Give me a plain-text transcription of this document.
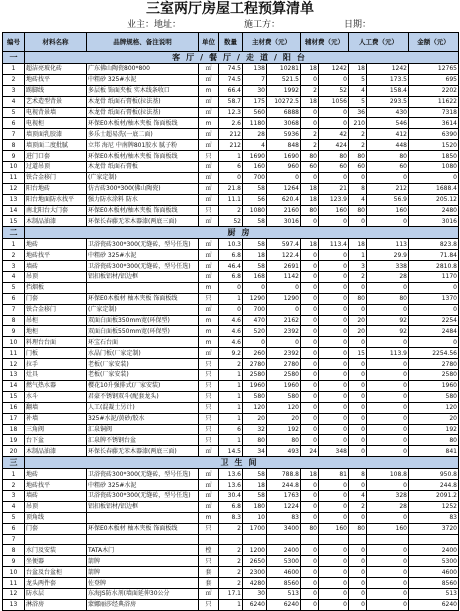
三室两厅房屋工程预算清单
业主： 地址：	施工方：	日期：
编号	材料名称	品牌规格、备注说明	单位	数量	主材费（元）		辅材费（元）		人工费（元）		金额（元）
一	客厅/餐厅/走道/阳台										
1	超洁亮玻化砖	广东佛山陶瓷800*800	㎡	74.5	138	10281	18	1242	18	1242	12765
2	地砖找平	中粗砂 325#水泥	㎡	74.5	7	521.5	0	0	5	173.5	695
3	踢脚线	多层板 饰面夹板 实木线条收口	m	66.4	30	1992	2	52	4	158.4	2202
4	艺术造型背景	木龙骨 纸面石膏板(拉法基)	㎡	58.7	175	10272.5	18	1056	5	293.5	11622
5	电视背景墙	木龙骨 纸面石膏板(拉法基)	㎡	12.3	560	6888	0	0	36	430	7318
6	电视柜	环保E0木板材/柚木夹板 饰面板线	m	2.6	1180	3068	0	0	210	546	3614
7	墙顶面乳胶漆	多乐士超易洗(一底二面)	㎡	212	28	5936	2	42	2	412	6390
8	墙顶面二度批腻	立邦 海尼 中南牌801胶水 腻子粉	㎡	212	4	848	2	424	2	448	1520
9	进门口套	环保E0木板材/柚木夹板 饰面板线	只	1	1690	1690	80	80	80	80	1850
10	过道吊顶	木龙骨 纸面石膏板	㎡	6	160	960	60	60	60	60	1080
11	铁合金移门	(广家定制)	㎡	0	700	0	0	0	0	0	0
12	阳台地砖	仿古砖300*300(佛山陶瓷)	㎡	21.8	58	1264	18	21	8	212	1688.4
13	阳台地面防水找平	强力防水涂料 防水	㎡	11.1	56	620.4	18	123.9	4	56.9	205.12
14	南北阳台大门套	环保E0木板材/柚木夹板 饰面板线	只	2	1080	2160	80	160	80	160	2480
15	木制品油漆	环保长春藤无苯木器漆(两底三面)	㎡	52	58	3016	0	0	0	0	3016
二	厨房										
1	地砖	卫浴瓷砖300*300(无缝砖，型号任选)	㎡	10.3	58	597.4	18	113.4	18	113	823.8
2	地砖找平	中粗砂 325#水泥	㎡	6.8	18	122.4	0	0	1	29.9	71.84
3	墙砖	卫浴瓷砖300*300(无缝砖，型号任选)	㎡	46.4	58	2691	0	0	3	338	2810.8
4	吊顶	铝扣板铝材/铝边框	㎡	6.8	168	1142	0	0	2	28	1170
5	挡烟板		m	0	0	0	0	0	0	0	0
6	门套	环保E0木板材 柚木夹板 饰面板线	只	1	1290	1290	0	0	80	80	1370
7	铁合金移门	(广家定制)	㎡	0	700	0	0	0	0	0	0
8	吊柜	双面白面板350mm宽(环保型)	m	4.6	470	2162	0	0	20	92	2254
9	地柜	双面白面板550mm宽(环保型)	m	4.6	520	2392	0	0	20	92	2484
10	料理台台面	环宝石台面	m	4.6	0	0	0	0	0	0	0
11	门板	水晶门板(厂家定制)	㎡	9.2	260	2392	0	0	15	113.9	2254.56
12	拉手	老板(厂家安装)	只	2	2780	2780	0	0	0	0	2780
13	灶具	老板(厂家安装)	只	1	2580	2580	0	0	0	0	2580
14	燃气热水器	樱花10升强排式(厂家安装)	只	1	1960	1960	0	0	0	0	1960
15	水斗	君豪不锈钢双斗(配套龙头)	只	1	580	580	0	0	0	0	580
16	翻墙	人工(混凝土另计)	只	1	120	120	0	0	0	0	120
17	补墙	325#水泥/黄砂/胶水	只	1	20	20	0	0	0	0	20
18	三角阀	汇泉铜阀	只	6	32	192	0	0	0	0	192
19	台下盆	汇泉牌不锈钢台盆	只	1	80	80	0	0	0	0	80
20	木制品油漆	环保长春藤无苯木器漆(两底三面)	㎡	14.5	34	493	24	348	0	0	841
三	卫生间										
1	地砖	卫浴瓷砖300*300(无缝砖，型号任选)	㎡	13.6	58	788.8	18	81	8	108.8	950.8
2	地砖找平	中粗砂 325#水泥	㎡	13.6	18	244.8	0	0	0	0	244.8
3	墙砖	卫浴瓷砖300*300(无缝砖，型号任选)	㎡	30.4	58	1763	0	0	4	328	2091.2
4	吊顶	铝扣板铝材/铝边框	㎡	6.8	180	1224	0	0	2	28	1252
5	顶角线		m	8.3	10	83	0	0	0	0	83
6	门套	环保E0木板材 柚木夹板 饰面板线	只	2	1700	3400	80	160	80	160	3720
7											
8	水门及安装	TATA木门	樘	2	1200	2400	0	0	0	0	2400
9	坐便器	箭牌	只	2	2650	5300	0	0	0	0	5300
10	台盆及台盆柜	箭牌	套	2	2300	4600	0	0	0	0	4600
11	龙头两件套	佐登牌	套	2	4280	8560	0	0	0	0	8560
12	防水层	东海JS防水剂(墙面延伸30公分	㎡	17.1	30	513	0	0	0	0	513
13	淋浴房	蒙娜丽莎经典浴房	只	1	6240	6240	0	0	0	0	6240
